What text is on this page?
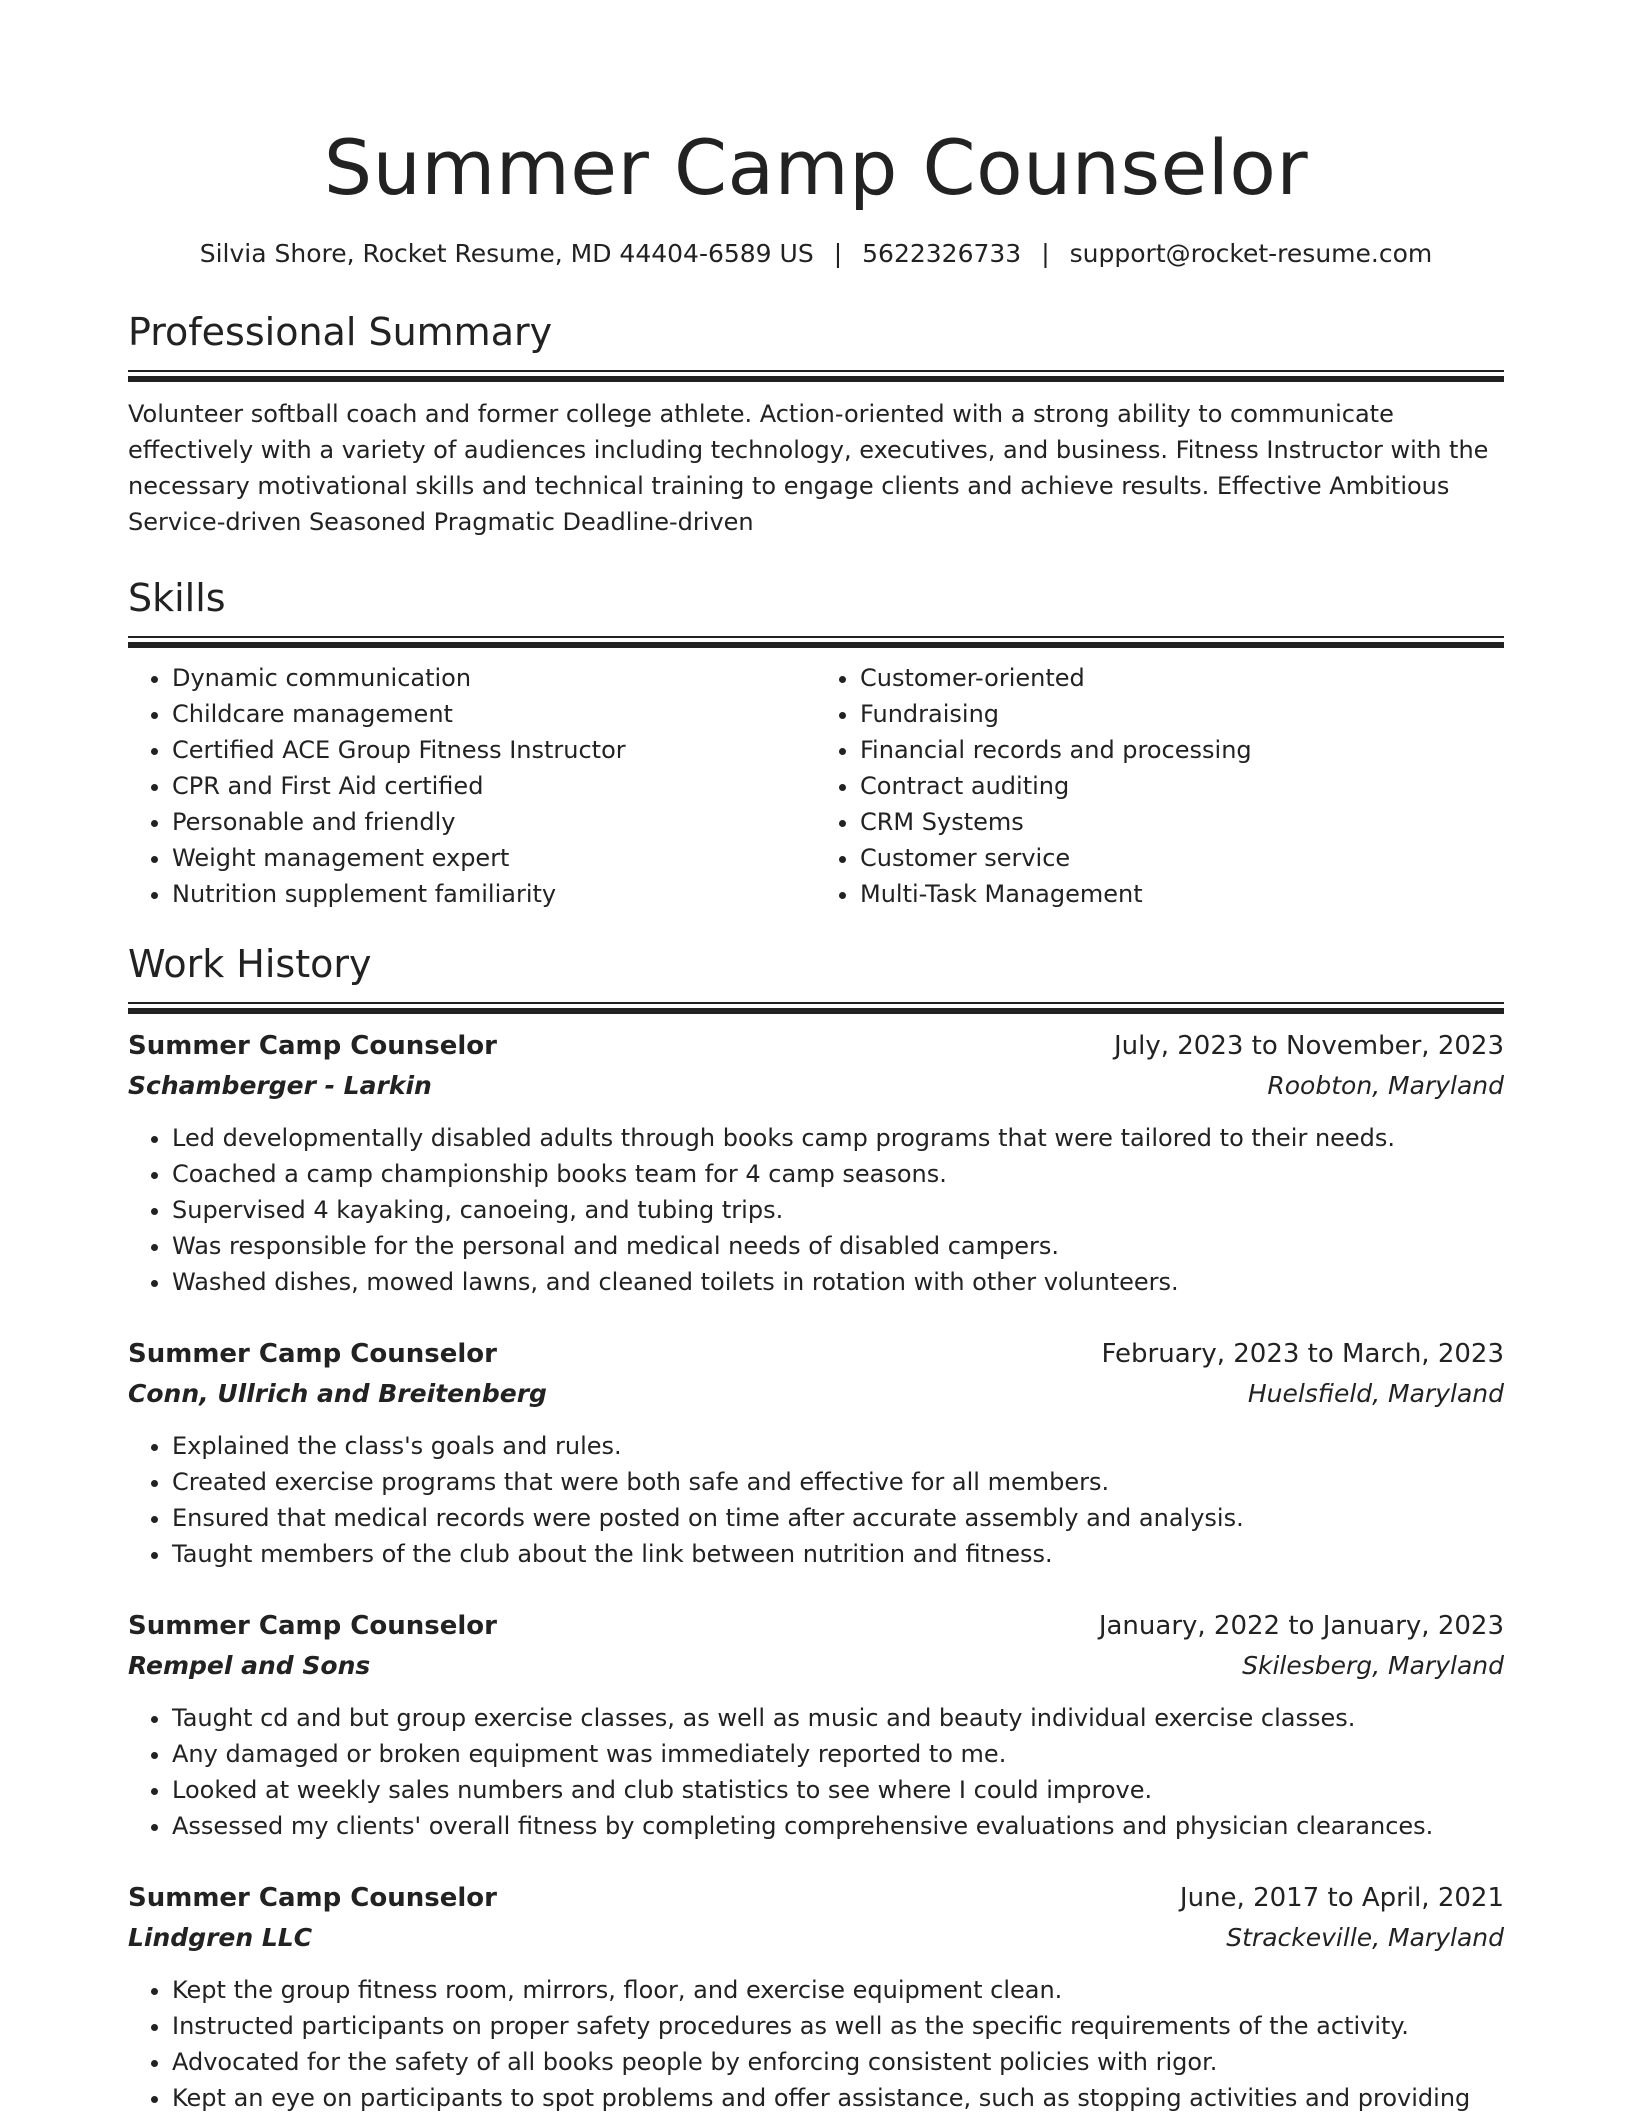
Summer Camp Counselor
Silvia Shore, Rocket Resume, MD 44404-6589 US | 5622326733 | support@rocket-resume.com
Professional Summary
Volunteer softball coach and former college athlete. Action-oriented with a strong ability to communicate effectively with a variety of audiences including technology, executives, and business. Fitness Instructor with the necessary motivational skills and technical training to engage clients and achieve results. Effective Ambitious Service-driven Seasoned Pragmatic Deadline-driven
Skills
• Dynamic communication
• Childcare management
• Certified ACE Group Fitness Instructor
• CPR and First Aid certified
• Personable and friendly
• Weight management expert
• Nutrition supplement familiarity
• Customer-oriented
• Fundraising
• Financial records and processing
• Contract auditing
• CRM Systems
• Customer service
• Multi-Task Management
Work History
Summer Camp Counselor	July, 2023 to November, 2023
Schamberger - Larkin	Roobton, Maryland
• Led developmentally disabled adults through books camp programs that were tailored to their needs.
• Coached a camp championship books team for 4 camp seasons.
• Supervised 4 kayaking, canoeing, and tubing trips.
• Was responsible for the personal and medical needs of disabled campers.
• Washed dishes, mowed lawns, and cleaned toilets in rotation with other volunteers.
Summer Camp Counselor	February, 2023 to March, 2023
Conn, Ullrich and Breitenberg	Huelsfield, Maryland
• Explained the class's goals and rules.
• Created exercise programs that were both safe and effective for all members.
• Ensured that medical records were posted on time after accurate assembly and analysis.
• Taught members of the club about the link between nutrition and fitness.
Summer Camp Counselor	January, 2022 to January, 2023
Rempel and Sons	Skilesberg, Maryland
• Taught cd and but group exercise classes, as well as music and beauty individual exercise classes.
• Any damaged or broken equipment was immediately reported to me.
• Looked at weekly sales numbers and club statistics to see where I could improve.
• Assessed my clients' overall fitness by completing comprehensive evaluations and physician clearances.
Summer Camp Counselor	June, 2017 to April, 2021
Lindgren LLC	Strackeville, Maryland
• Kept the group fitness room, mirrors, floor, and exercise equipment clean.
• Instructed participants on proper safety procedures as well as the specific requirements of the activity.
• Advocated for the safety of all books people by enforcing consistent policies with rigor.
• Kept an eye on participants to spot problems and offer assistance, such as stopping activities and providing
